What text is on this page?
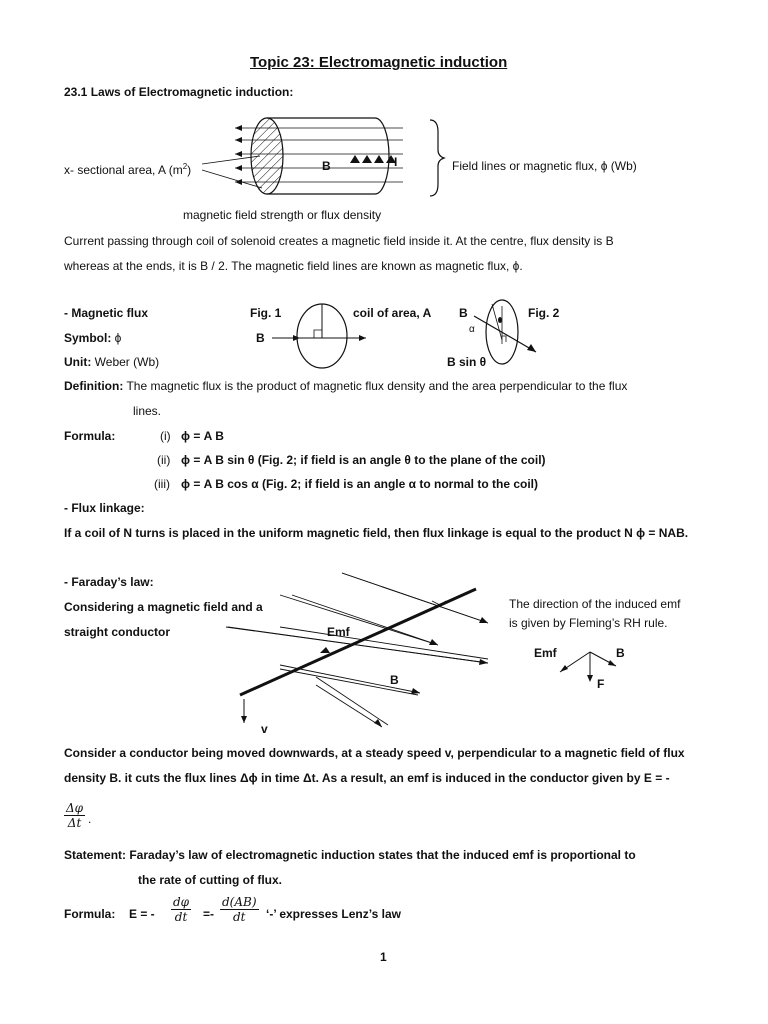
Topic 23: Electromagnetic induction
23.1 Laws of Electromagnetic induction:
x- sectional area, A $(m^2)$	B	I	Field lines or magnetic flux, ϕ (Wb)
magnetic field strength or flux density
Current passing through coil of solenoid creates a magnetic field inside it. At the centre, flux density is B
whereas at the ends, it is B / 2. The magnetic field lines are known as magnetic flux, ϕ.
- Magnetic flux
Symbol: ϕ
Unit: Weber (Wb)
Fig. 1
B
coil of area, A B
α
Fig. 2
B sin θ
Definition: The magnetic flux is the product of magnetic flux density and the area perpendicular to the flux
lines.
Formula:	(i) ϕ = A B
(ii) ϕ = A B sin θ (Fig. 2; if field is an angle θ to the plane of the coil)
(iii) ϕ = A B cos α (Fig. 2; if field is an angle α to normal to the coil)
- Flux linkage:
If a coil of N turns is placed in the uniform magnetic field, then flux linkage is equal to the product N ϕ = NAB.
- Faraday’s law:
Considering a magnetic field and a
straight conductor	Emf
B
v
The direction of the induced emf
is given by Fleming’s RH rule.
Emf	B
F
Consider a conductor being moved downwards, at a steady speed v, perpendicular to a magnetic field of flux
density B. it cuts the flux lines Δϕ in time Δt. As a result, an emf is induced in the conductor given by E = -
$\frac{\Delta\varphi}{\Delta t}$ .
Statement: Faraday’s law of electromagnetic induction states that the induced emf is proportional to
the rate of cutting of flux.
Formula: E = - $\frac{d\varphi}{dt} =- \frac{d(AB)}{dt}$ ‘-’ expresses Lenz’s law
1
